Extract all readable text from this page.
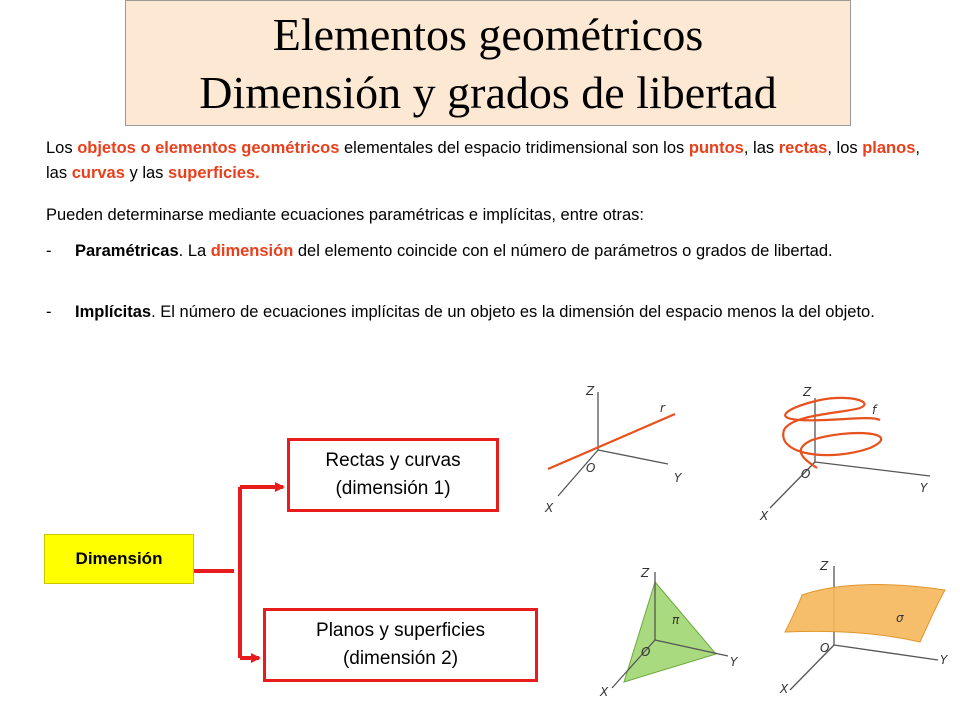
Elementos geométricos
Dimensión y grados de libertad

Los objetos o elementos geométricos elementales del espacio tridimensional son los puntos, las rectas, los planos, las curvas y las superficies.

Pueden determinarse mediante ecuaciones paramétricas e implícitas, entre otras:

-	Paramétricas. La dimensión del elemento coincide con el número de parámetros o grados de libertad.
-	Implícitas. El número de ecuaciones implícitas de un objeto es la dimensión del espacio menos la del objeto.
Z
O
Y
X
r
Z
O
Y
X
f
Z
O
Y
X
π
Z
O
Y
X
σ
Dimensión
Rectas y curvas
(dimensión 1)
Planos y superficies
(dimensión 2)
